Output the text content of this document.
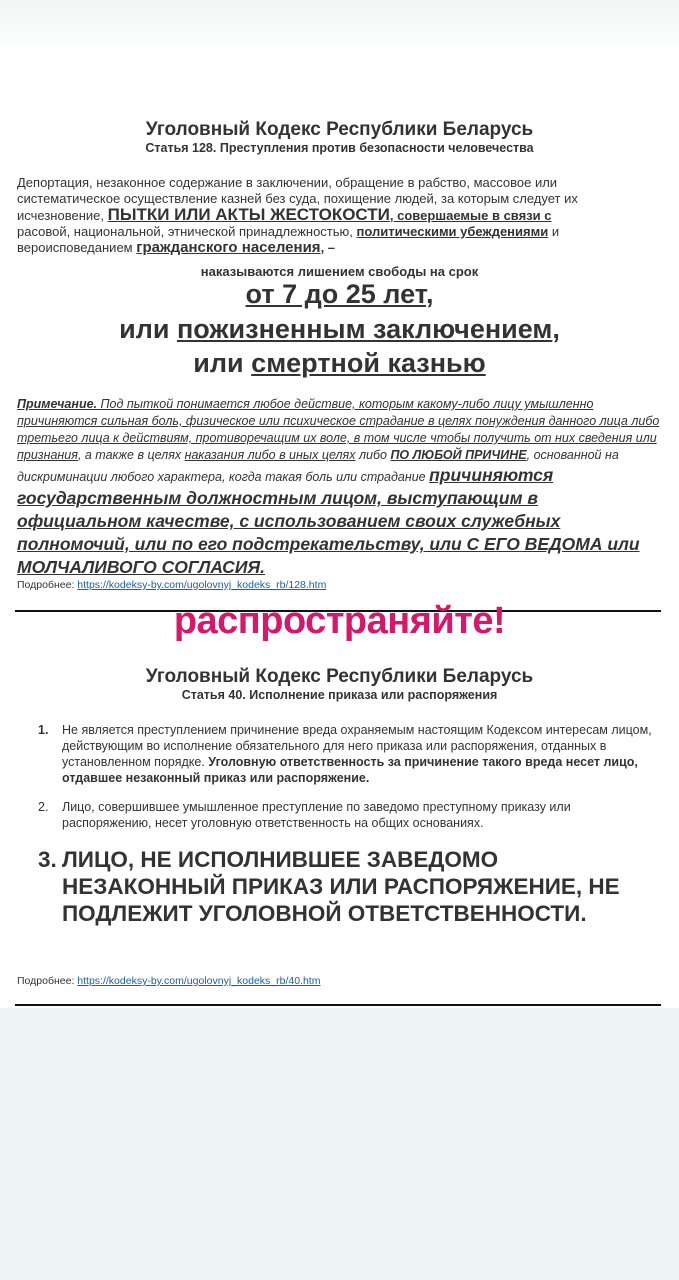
Уголовный Кодекс Республики Беларусь
Статья 128. Преступления против безопасности человечества
Депортация, незаконное содержание в заключении, обращение в рабство, массовое или систематическое осуществление казней без суда, похищение людей, за которым следует их исчезновение, ПЫТКИ ИЛИ АКТЫ ЖЕСТОКОСТИ, совершаемые в связи с
расовой, национальной, этнической принадлежностью, политическими убеждениями и
вероисповеданием гражданского населения, –
наказываются лишением свободы на срок
от 7 до 25 лет,
или пожизненным заключением,
или смертной казнью
Примечание. Под пыткой понимается любое действие, которым какому-либо лицу умышленно причиняются сильная боль, физическое или психическое страдание в целях понуждения данного лица либо третьего лица к действиям, противоречащим их воле, в том числе чтобы получить от них сведения или признания, а также в целях наказания либо в иных целях либо ПО ЛЮБОЙ ПРИЧИНЕ, основанной на дискриминации любого характера, когда такая боль или страдание причиняются государственным должностным лицом, выступающим в официальном качестве, с использованием своих служебных полномочий, или по его подстрекательству, или С ЕГО ВЕДОМА или МОЛЧАЛИВОГО СОГЛАСИЯ.
Подробнее: https://kodeksy-by.com/ugolovnyj_kodeks_rb/128.htm
распространяйте!
Уголовный Кодекс Республики Беларусь
Статья 40. Исполнение приказа или распоряжения
1. Не является преступлением причинение вреда охраняемым настоящим Кодексом интересам лицом, действующим во исполнение обязательного для него приказа или распоряжения, отданных в установленном порядке. Уголовную ответственность за причинение такого вреда несет лицо, отдавшее незаконный приказ или распоряжение.
2. Лицо, совершившее умышленное преступление по заведомо преступному приказу или распоряжению, несет уголовную ответственность на общих основаниях.
3. ЛИЦО, НЕ ИСПОЛНИВШЕЕ ЗАВЕДОМО НЕЗАКОННЫЙ ПРИКАЗ ИЛИ РАСПОРЯЖЕНИЕ, НЕ ПОДЛЕЖИТ УГОЛОВНОЙ ОТВЕТСТВЕННОСТИ.
Подробнее: https://kodeksy-by.com/ugolovnyj_kodeks_rb/40.htm
